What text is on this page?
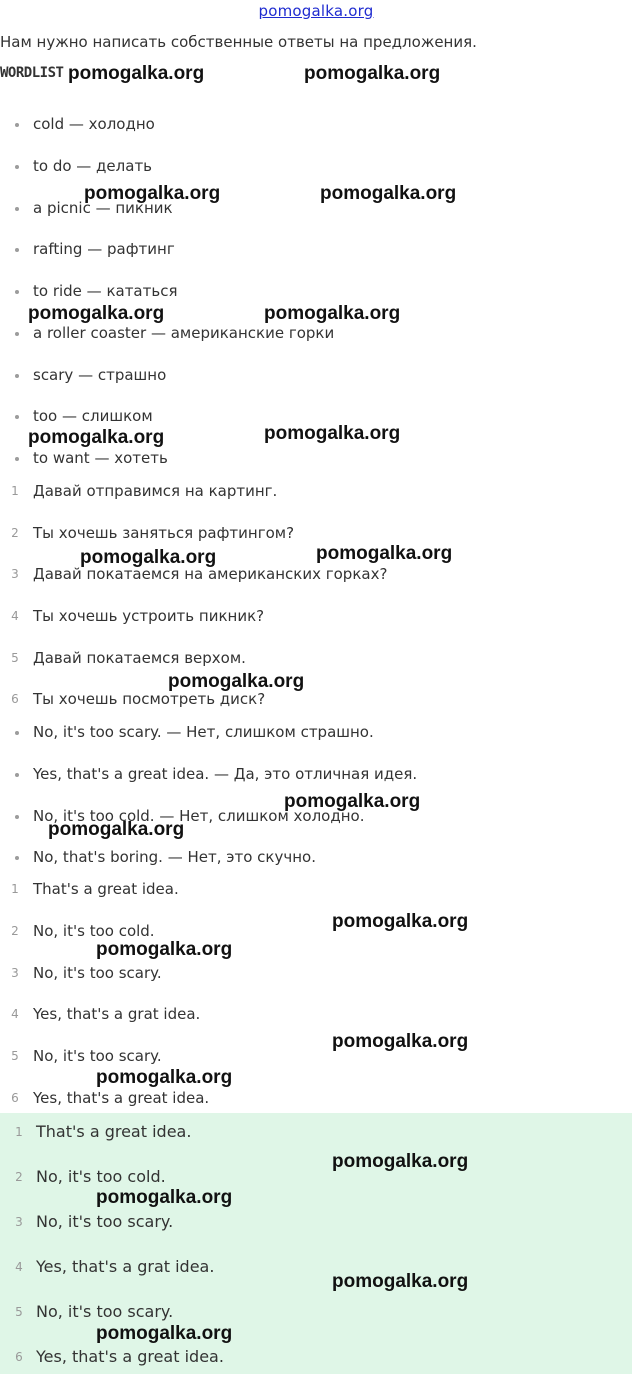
pomogalka.org
Нам нужно написать собственные ответы на предложения.
WORDLIST
cold — холодно
to do — делать
a picnic — пикник
rafting — рафтинг
to ride — кататься
a roller coaster — американские горки
scary — страшно
too — слишком
to want — хотеть
1 Давай отправимся на картинг.
2 Ты хочешь заняться рафтингом?
3 Давай покатаемся на американских горках?
4 Ты хочешь устроить пикник?
5 Давай покатаемся верхом.
6 Ты хочешь посмотреть диск?
No, it's too scary. — Нет, слишком страшно.
Yes, that's a great idea. — Да, это отличная идея.
No, it's too cold. — Нет, слишком холодно.
No, that's boring. — Нет, это скучно.
1 That's a great idea.
2 No, it's too cold.
3 No, it's too scary.
4 Yes, that's a grat idea.
5 No, it's too scary.
6 Yes, that's a great idea.
1 That's a great idea.
2 No, it's too cold.
3 No, it's too scary.
4 Yes, that's a grat idea.
5 No, it's too scary.
6 Yes, that's a great idea.
pomogalka.org	pomogalka.org
pomogalka.org	pomogalka.org
pomogalka.org	pomogalka.org
pomogalka.org	pomogalka.org
pomogalka.org	pomogalka.org
pomogalka.org
pomogalka.org
pomogalka.org
pomogalka.org
pomogalka.org
pomogalka.org
pomogalka.org
pomogalka.org
pomogalka.org
pomogalka.org
pomogalka.org
